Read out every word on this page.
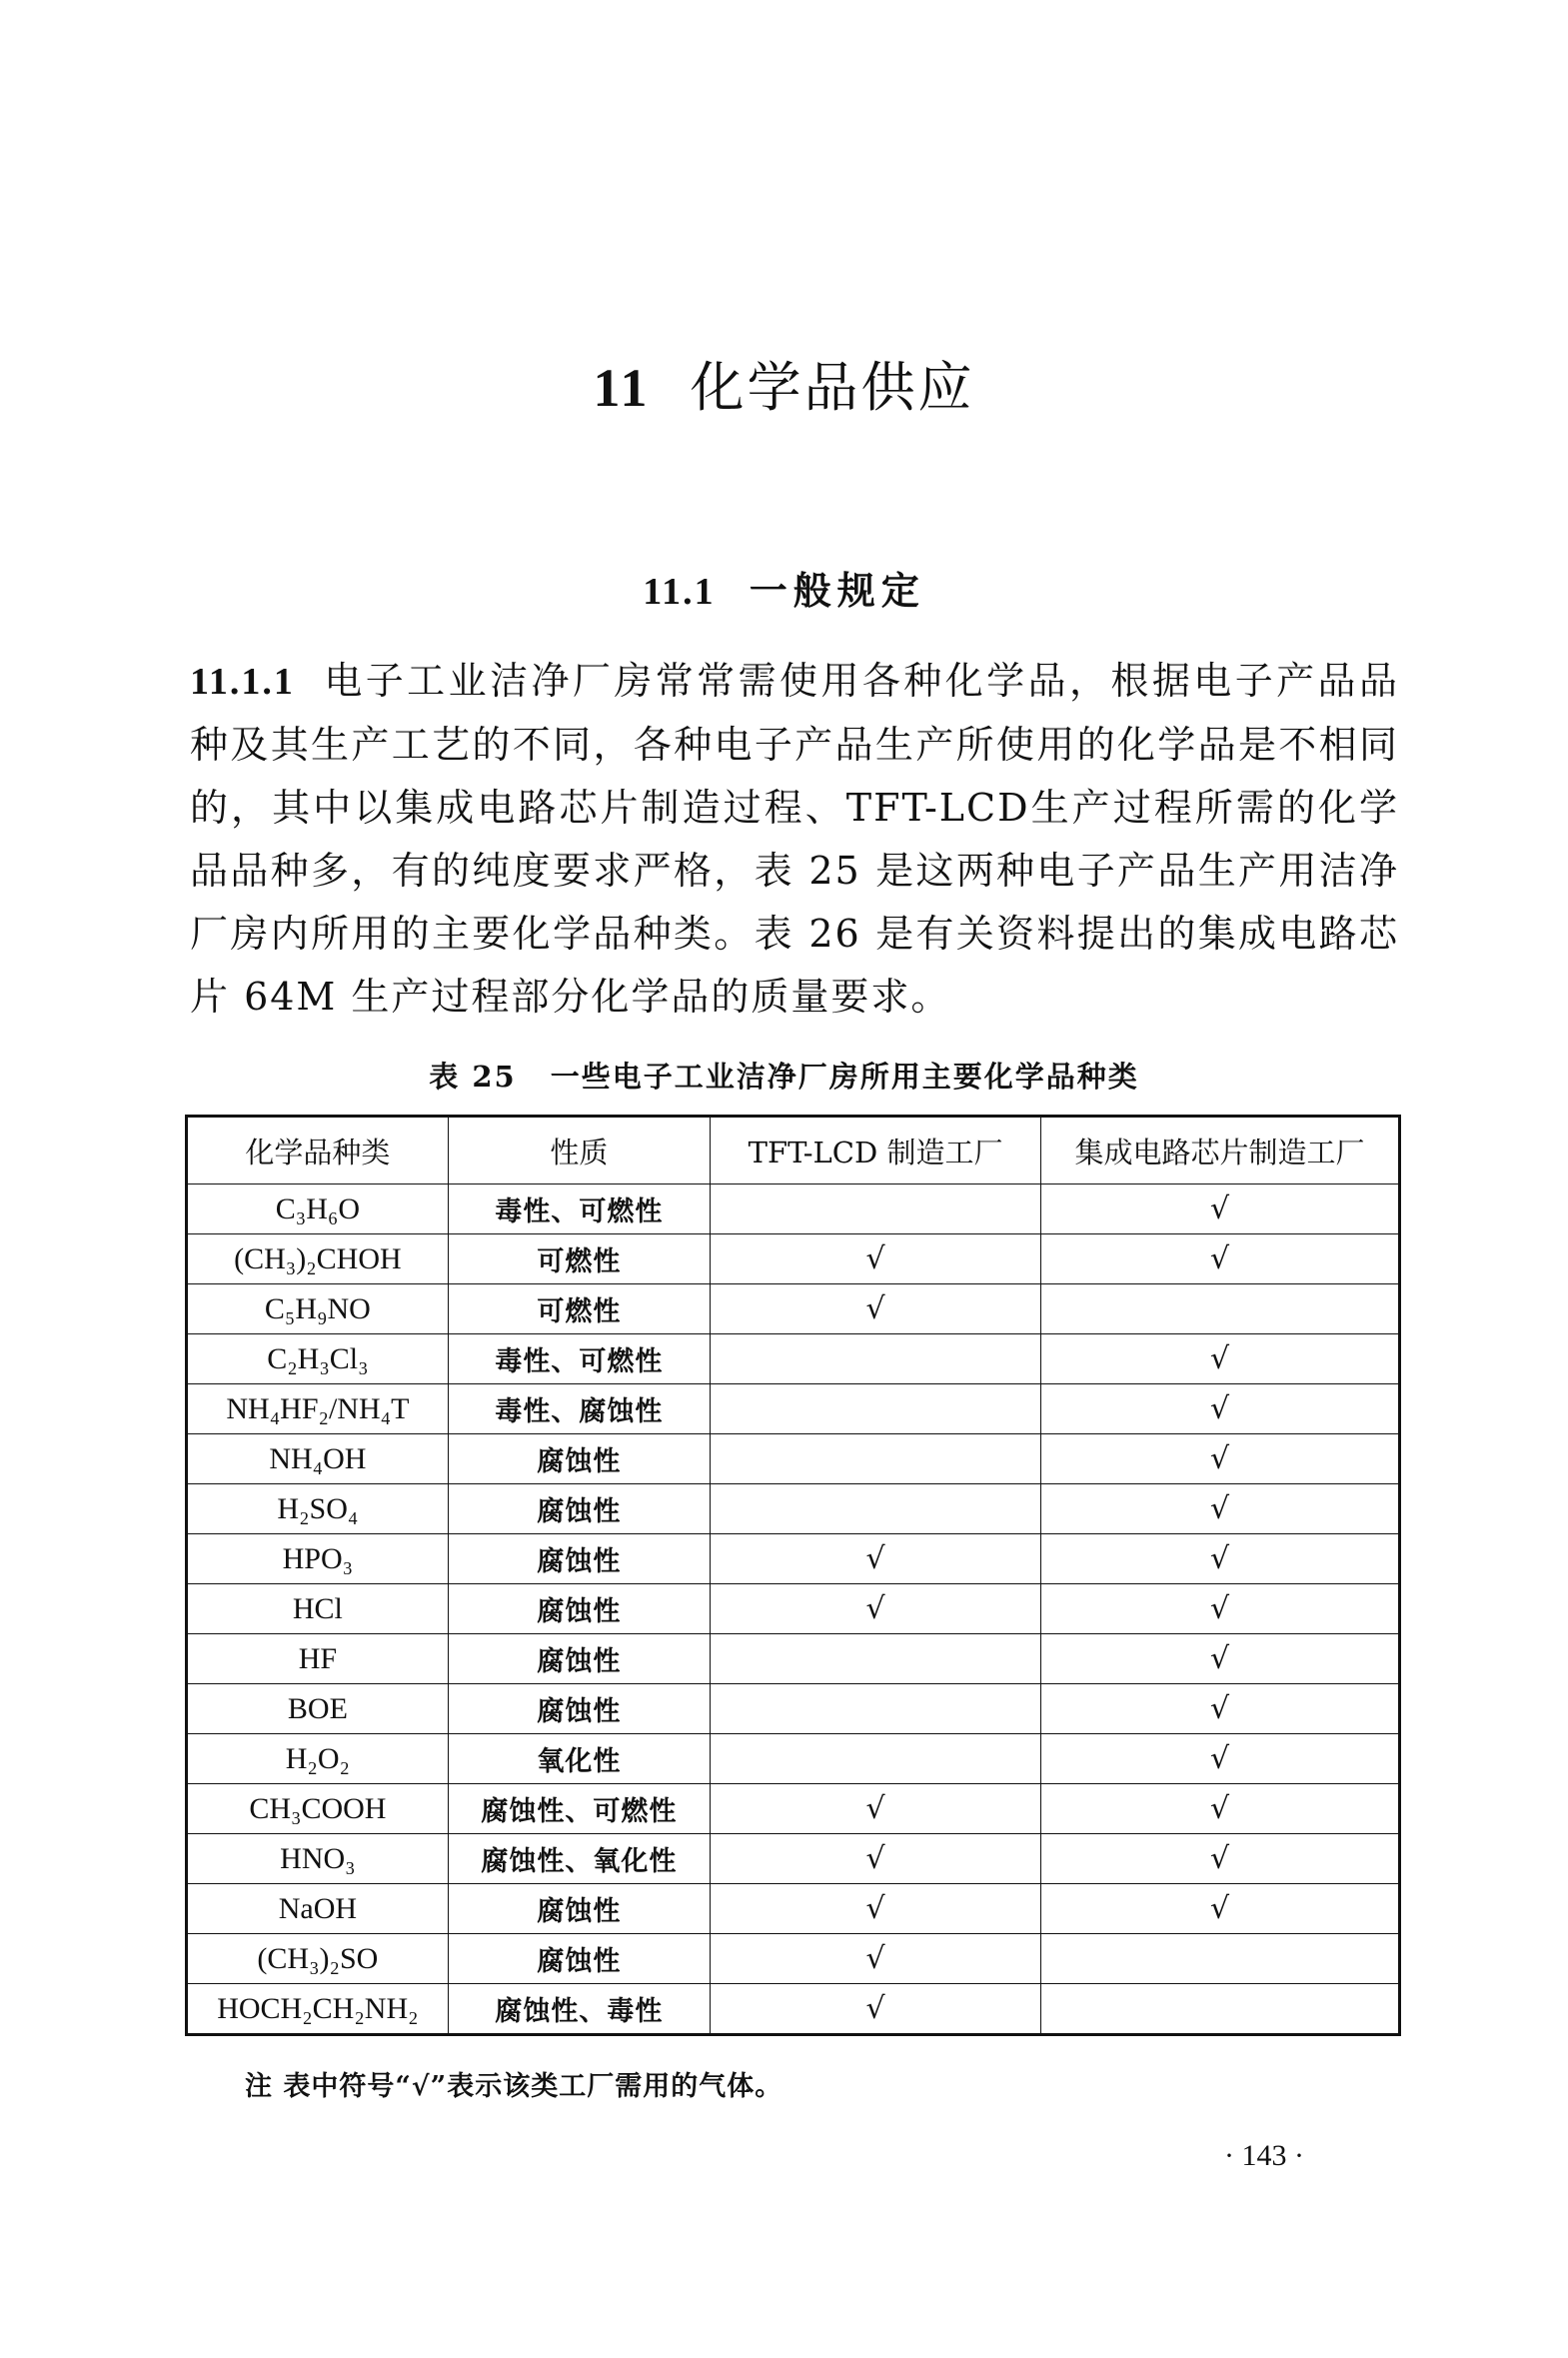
11 化学品供应
11.1 一般规定
11.1.1 电子工业洁净厂房常常需使用各种化学品，根据电子产品品种及其生产工艺的不同，各种电子产品生产所使用的化学品是不相同的，其中以集成电路芯片制造过程、TFT-LCD生产过程所需的化学品品种多，有的纯度要求严格，表 25 是这两种电子产品生产用洁净厂房内所用的主要化学品种类。表 26 是有关资料提出的集成电路芯片 64M 生产过程部分化学品的质量要求。
表 25 一些电子工业洁净厂房所用主要化学品种类
化学品种类	性质	TFT-LCD 制造工厂	集成电路芯片制造工厂
C₃H₆O	毒性、可燃性		√
(CH₃)₂CHOH	可燃性	√	√
C₅H₉NO	可燃性	√	
C₂H₃Cl₃	毒性、可燃性		√
NH₄HF₂/NH₄T	毒性、腐蚀性		√
NH₄OH	腐蚀性		√
H₂SO₄	腐蚀性		√
HPO₃	腐蚀性	√	√
HCl	腐蚀性	√	√
HF	腐蚀性		√
BOE	腐蚀性		√
H₂O₂	氧化性		√
CH₃COOH	腐蚀性、可燃性	√	√
HNO₃	腐蚀性、氧化性	√	√
NaOH	腐蚀性	√	√
(CH₃)₂SO	腐蚀性	√	
HOCH₂CH₂NH₂	腐蚀性、毒性	√	
注 表中符号“√”表示该类工厂需用的气体。
· 143 ·
